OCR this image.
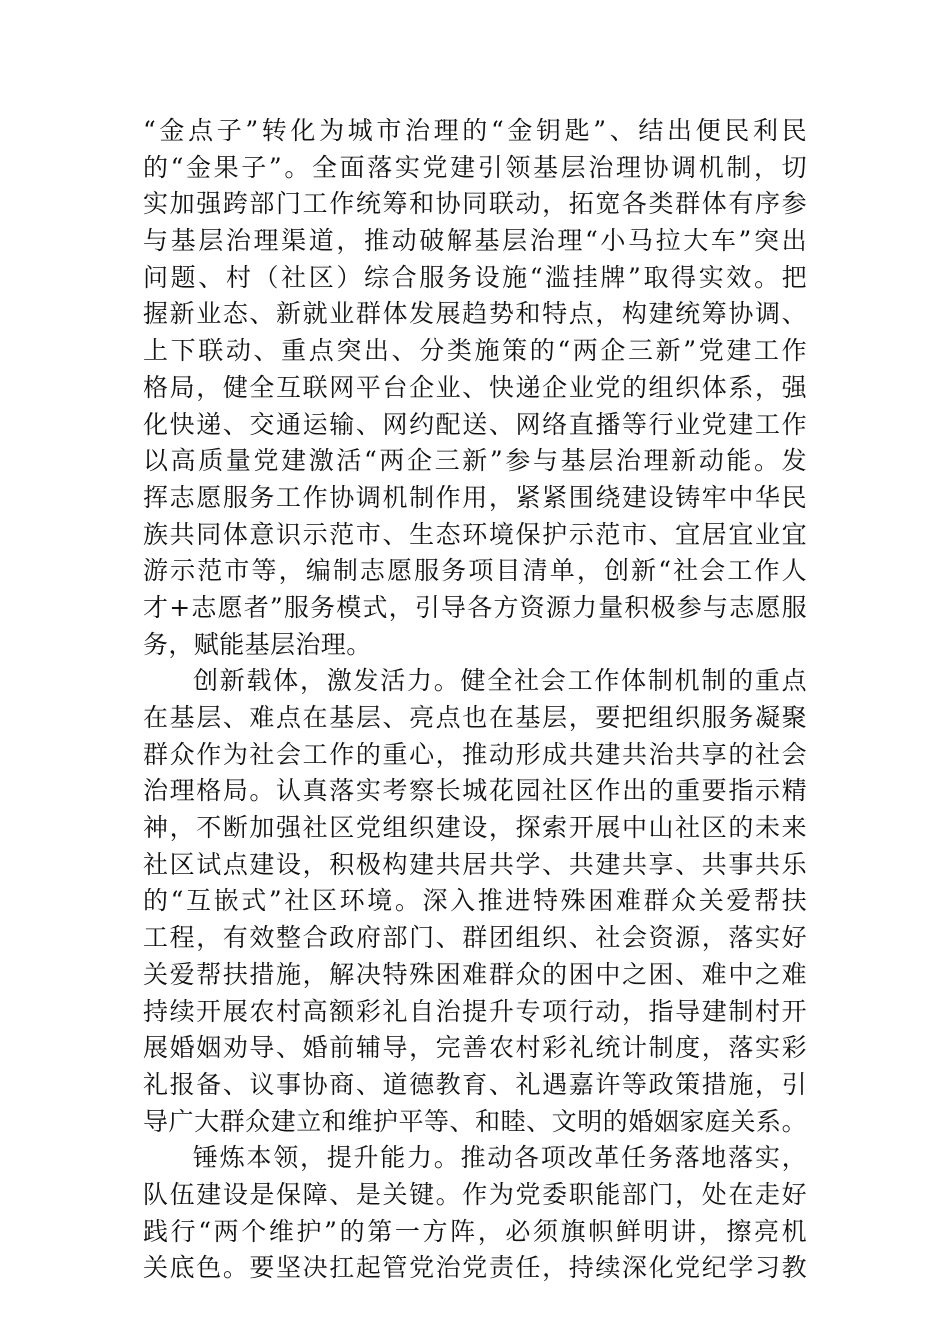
“金点子”转化为城市治理的“金钥匙”、结出便民利民
的“金果子”。全面落实党建引领基层治理协调机制，切
实加强跨部门工作统筹和协同联动，拓宽各类群体有序参
与基层治理渠道，推动破解基层治理“小马拉大车”突出
问题、村（社区）综合服务设施“滥挂牌”取得实效。把
握新业态、新就业群体发展趋势和特点，构建统筹协调、
上下联动、重点突出、分类施策的“两企三新”党建工作
格局，健全互联网平台企业、快递企业党的组织体系，强
化快递、交通运输、网约配送、网络直播等行业党建工作
以高质量党建激活“两企三新”参与基层治理新动能。发
挥志愿服务工作协调机制作用，紧紧围绕建设铸牢中华民
族共同体意识示范市、生态环境保护示范市、宜居宜业宜
游示范市等，编制志愿服务项目清单，创新“社会工作人
才+志愿者”服务模式，引导各方资源力量积极参与志愿服
务，赋能基层治理。
创新载体，激发活力。健全社会工作体制机制的重点
在基层、难点在基层、亮点也在基层，要把组织服务凝聚
群众作为社会工作的重心，推动形成共建共治共享的社会
治理格局。认真落实考察长城花园社区作出的重要指示精
神，不断加强社区党组织建设，探索开展中山社区的未来
社区试点建设，积极构建共居共学、共建共享、共事共乐
的“互嵌式”社区环境。深入推进特殊困难群众关爱帮扶
工程，有效整合政府部门、群团组织、社会资源，落实好
关爱帮扶措施，解决特殊困难群众的困中之困、难中之难
持续开展农村高额彩礼自治提升专项行动，指导建制村开
展婚姻劝导、婚前辅导，完善农村彩礼统计制度，落实彩
礼报备、议事协商、道德教育、礼遇嘉许等政策措施，引
导广大群众建立和维护平等、和睦、文明的婚姻家庭关系。
锤炼本领，提升能力。推动各项改革任务落地落实，
队伍建设是保障、是关键。作为党委职能部门，处在走好
践行“两个维护”的第一方阵，必须旗帜鲜明讲，擦亮机
关底色。要坚决扛起管党治党责任，持续深化党纪学习教
